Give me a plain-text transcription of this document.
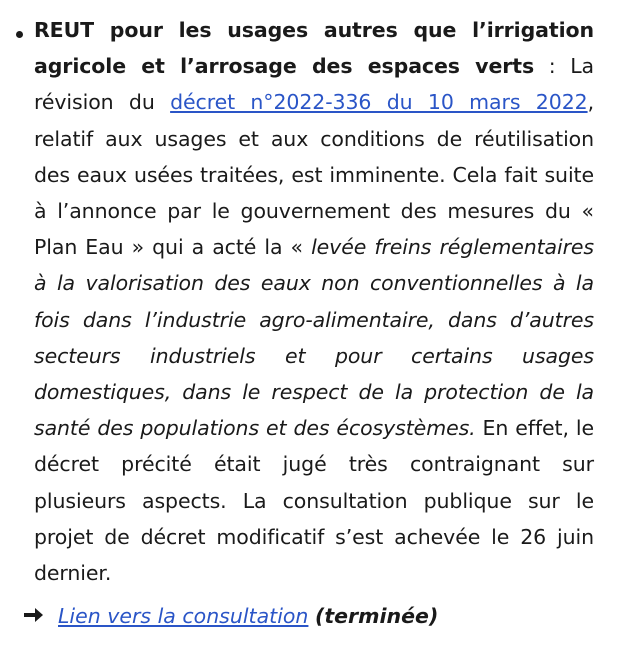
REUT pour les usages autres que l’irrigation agricole et l’arrosage des espaces verts : La révision du décret n°2022-336 du 10 mars 2022, relatif aux usages et aux conditions de réutilisation des eaux usées traitées, est imminente. Cela fait suite à l’annonce par le gouvernement des mesures du « Plan Eau » qui a acté la « levée freins réglementaires à la valorisation des eaux non conventionnelles à la fois dans l’industrie agro-alimentaire, dans d’autres secteurs industriels et pour certains usages domestiques, dans le respect de la protection de la santé des populations et des écosystèmes. En effet, le décret précité était jugé très contraignant sur plusieurs aspects. La consultation publique sur le projet de décret modificatif s’est achevée le 26 juin dernier.
Lien vers la consultation (terminée)
